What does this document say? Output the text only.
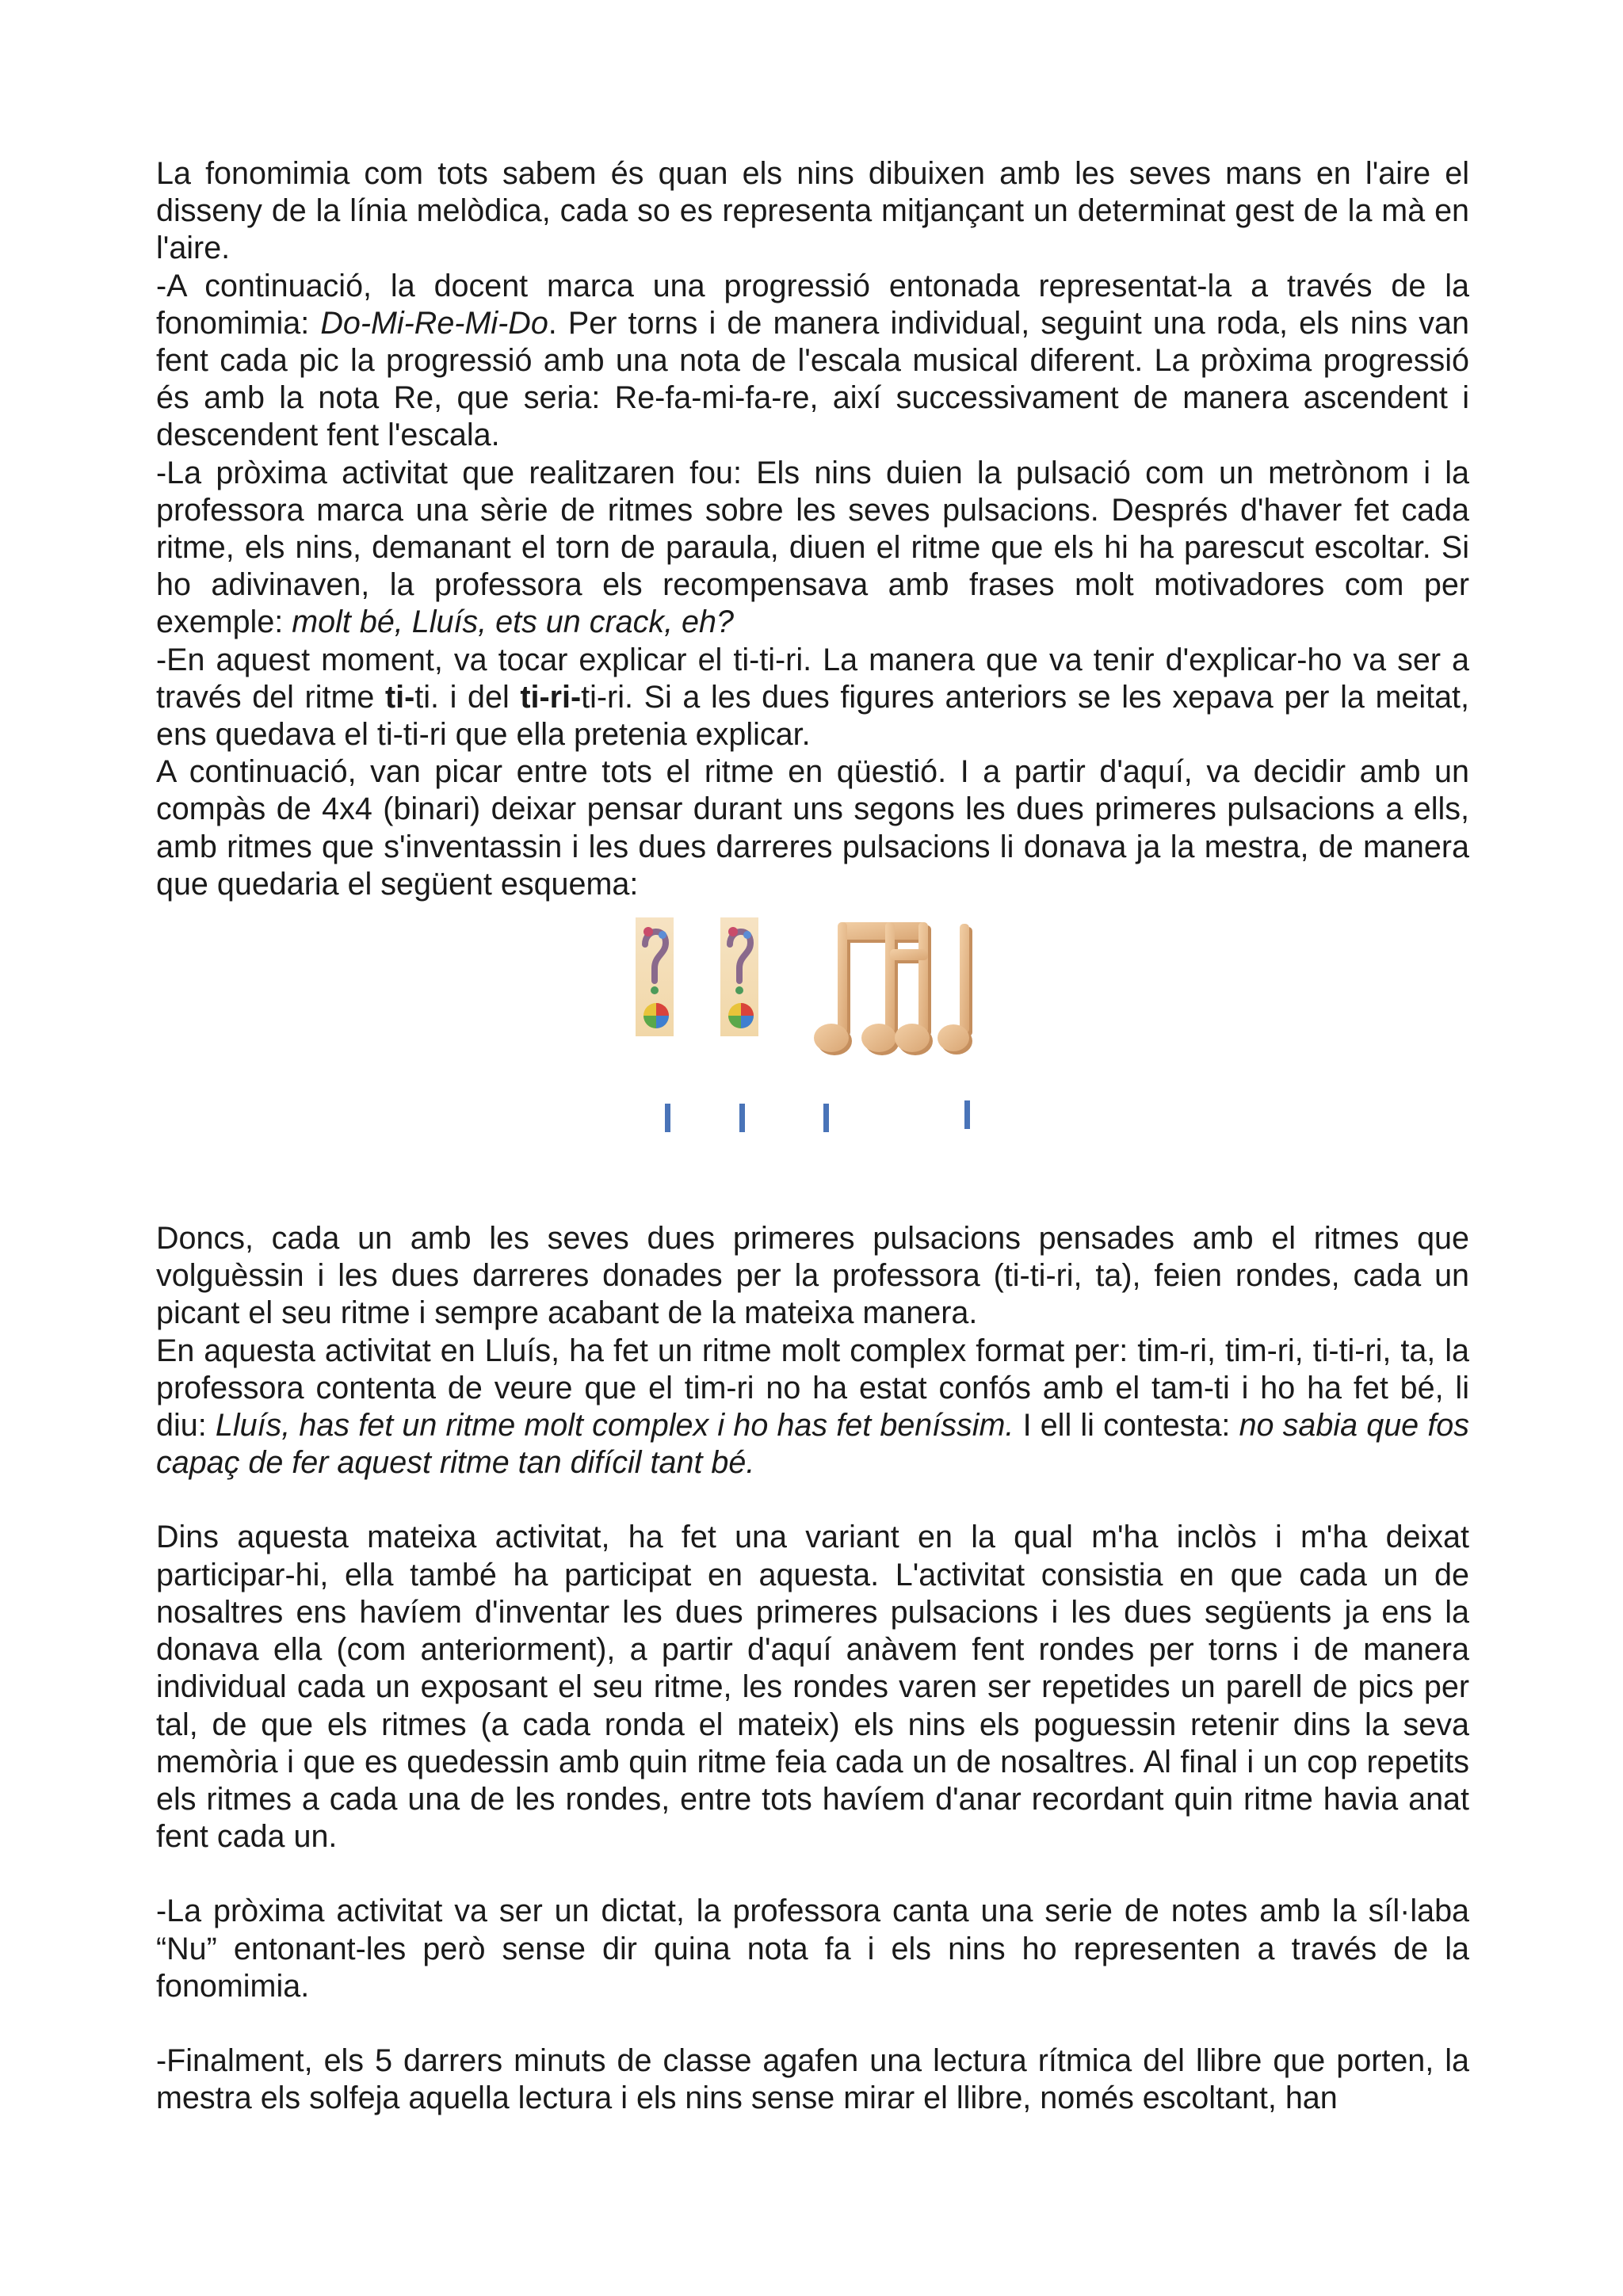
La fonomimia com tots sabem és quan els nins dibuixen amb les seves mans en l'aire el disseny de la línia melòdica, cada so es representa mitjançant un determinat gest de la mà en l'aire.

-A continuació, la docent marca una progressió entonada representat-la a través de la fonomimia: Do-Mi-Re-Mi-Do. Per torns i de manera individual, seguint una roda, els nins van fent cada pic la progressió amb una nota de l'escala musical diferent. La pròxima progressió és amb la nota Re, que seria: Re-fa-mi-fa-re, així successivament de manera ascendent i descendent fent l'escala.

-La pròxima activitat que realitzaren fou: Els nins duien la pulsació com un metrònom i la professora marca una sèrie de ritmes sobre les seves pulsacions. Després d'haver fet cada ritme, els nins, demanant el torn de paraula, diuen el ritme que els hi ha parescut escoltar. Si ho adivinaven, la professora els recompensava amb frases molt motivadores com per exemple: molt bé, Lluís, ets un crack, eh?

-En aquest moment, va tocar explicar el ti-ti-ri. La manera que va tenir d'explicar-ho va ser a través del ritme ti-ti. i del ti-ri-ti-ri. Si a les dues figures anteriors se les xepava per la meitat, ens quedava el ti-ti-ri que ella pretenia explicar.

A continuació, van picar entre tots el ritme en qüestió. I a partir d'aquí, va decidir amb un compàs de 4x4 (binari) deixar pensar durant uns segons les dues primeres pulsacions a ells, amb ritmes que s'inventassin i les dues darreres pulsacions li donava ja la mestra, de manera que quedaria el següent esquema:

Doncs, cada un amb les seves dues primeres pulsacions pensades amb el ritmes que volguèssin i les dues darreres donades per la professora (ti-ti-ri, ta), feien rondes, cada un picant el seu ritme i sempre acabant de la mateixa manera.

En aquesta activitat en Lluís, ha fet un ritme molt complex format per: tim-ri, tim-ri, ti-ti-ri, ta, la professora contenta de veure que el tim-ri no ha estat confós amb el tam-ti i ho ha fet bé, li diu: Lluís, has fet un ritme molt complex i ho has fet beníssim. I ell li contesta: no sabia que fos capaç de fer aquest ritme tan difícil tant bé.

Dins aquesta mateixa activitat, ha fet una variant en la qual m'ha inclòs i m'ha deixat participar-hi, ella també ha participat en aquesta. L'activitat consistia en que cada un de nosaltres ens havíem d'inventar les dues primeres pulsacions i les dues següents ja ens la donava ella (com anteriorment), a partir d'aquí anàvem fent rondes per torns i de manera individual cada un exposant el seu ritme, les rondes varen ser repetides un parell de pics per tal, de que els ritmes (a cada ronda el mateix) els nins els poguessin retenir dins la seva memòria i que es quedessin amb quin ritme feia cada un de nosaltres. Al final i un cop repetits els ritmes a cada una de les rondes, entre tots havíem d'anar recordant quin ritme havia anat fent cada un.

-La pròxima activitat va ser un dictat, la professora canta una serie de notes amb la síl·laba “Nu” entonant-les però sense dir quina nota fa i els nins ho representen a través de la fonomimia.

-Finalment, els 5 darrers minuts de classe agafen una lectura rítmica del llibre que porten, la mestra els solfeja aquella lectura i els nins sense mirar el llibre, només escoltant, han
